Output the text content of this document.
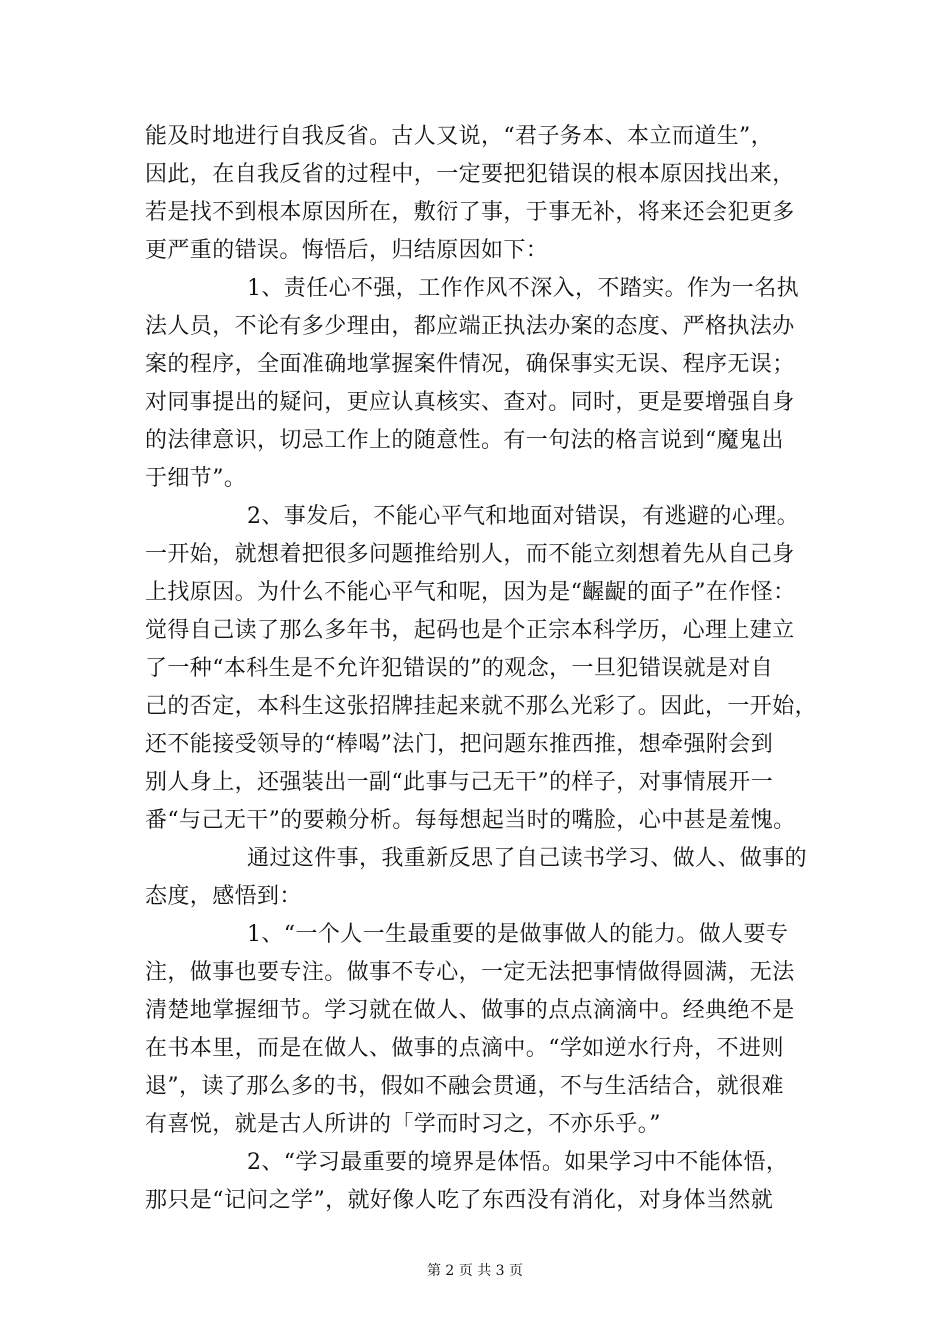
能及时地进行自我反省。古人又说，“君子务本、本立而道生”，
因此，在自我反省的过程中，一定要把犯错误的根本原因找出来，
若是找不到根本原因所在，敷衍了事，于事无补，将来还会犯更多
更严重的错误。悔悟后，归结原因如下：
1、责任心不强，工作作风不深入，不踏实。作为一名执
法人员，不论有多少理由，都应端正执法办案的态度、严格执法办
案的程序，全面准确地掌握案件情况，确保事实无误、程序无误；
对同事提出的疑问，更应认真核实、查对。同时，更是要增强自身
的法律意识，切忌工作上的随意性。有一句法的格言说到“魔鬼出
于细节”。
2、事发后，不能心平气和地面对错误，有逃避的心理。
一开始，就想着把很多问题推给别人，而不能立刻想着先从自己身
上找原因。为什么不能心平气和呢，因为是“齷齪的面子”在作怪：
觉得自己读了那么多年书，起码也是个正宗本科学历，心理上建立
了一种“本科生是不允许犯错误的”的观念，一旦犯错误就是对自
己的否定，本科生这张招牌挂起来就不那么光彩了。因此，一开始，
还不能接受领导的“棒喝”法门，把问题东推西推，想牵强附会到
别人身上，还强装出一副“此事与己无干”的样子，对事情展开一
番“与己无干”的要赖分析。每每想起当时的嘴脸，心中甚是羞愧。
通过这件事，我重新反思了自己读书学习、做人、做事的
态度，感悟到：
1、“一个人一生最重要的是做事做人的能力。做人要专
注，做事也要专注。做事不专心，一定无法把事情做得圆满，无法
清楚地掌握细节。学习就在做人、做事的点点滴滴中。经典绝不是
在书本里，而是在做人、做事的点滴中。“学如逆水行舟，不进则
退”，读了那么多的书，假如不融会贯通，不与生活结合，就很难
有喜悦，就是古人所讲的「学而时习之，不亦乐乎。”
2、“学习最重要的境界是体悟。如果学习中不能体悟，
那只是“记问之学”，就好像人吃了东西没有消化，对身体当然就
第 2 页 共 3 页
